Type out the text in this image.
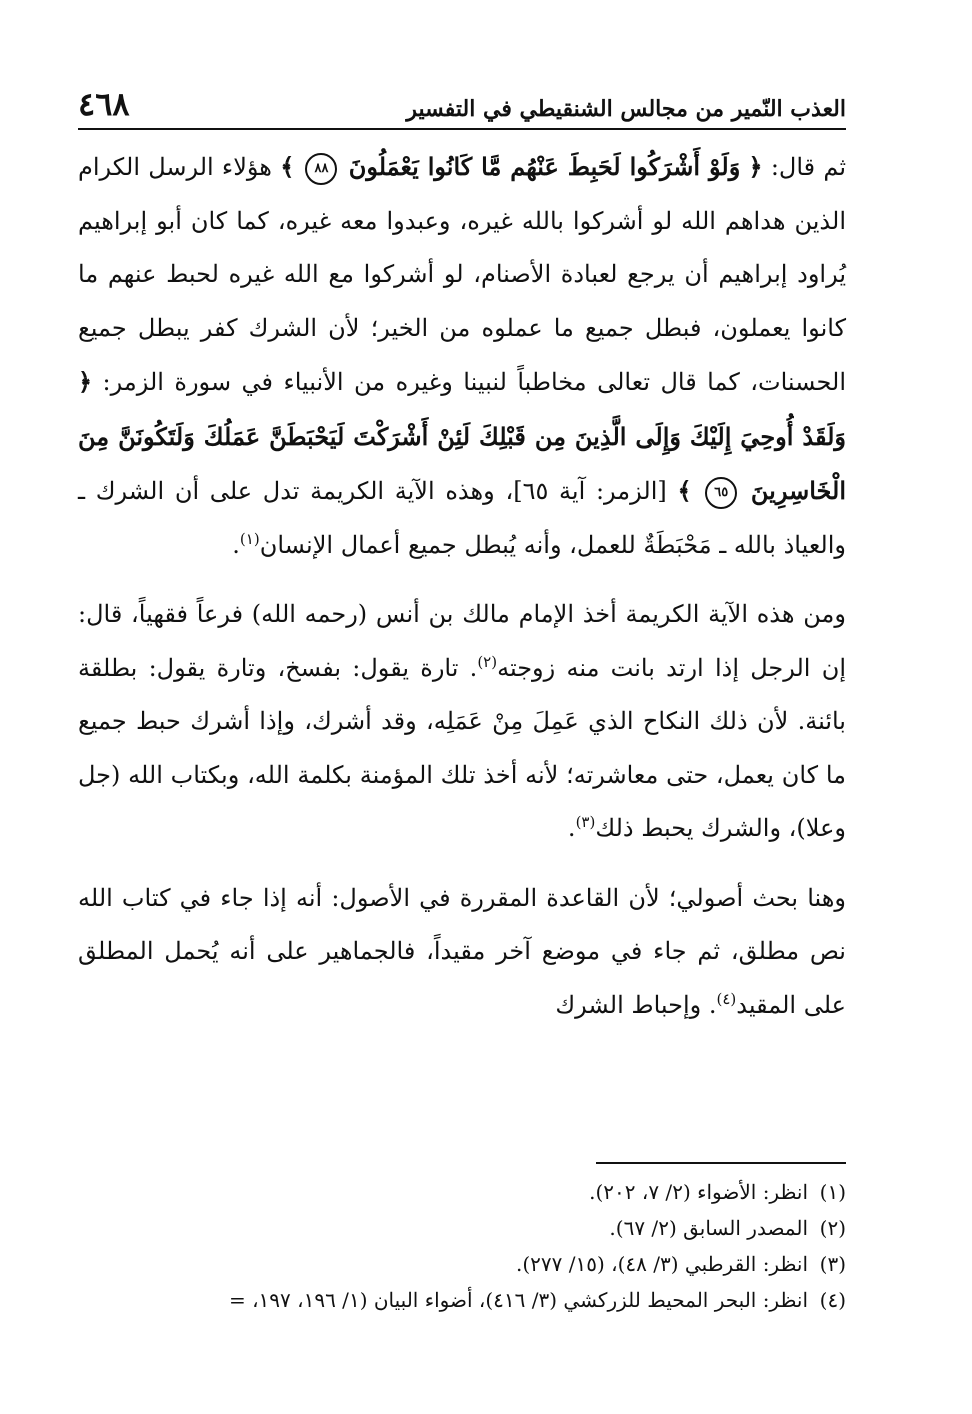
العذب النّمير من مجالس الشنقيطي في التفسير
٤٦٨

ثم قال: ﴿ وَلَوْ أَشْرَكُوا لَحَبِطَ عَنْهُم مَّا كَانُوا يَعْمَلُونَ ٨٨ ﴾ هؤلاء الرسل الكرام الذين هداهم الله لو أشركوا بالله غيره، وعبدوا معه غيره، كما كان أبو إبراهيم يُراود إبراهيم أن يرجع لعبادة الأصنام، لو أشركوا مع الله غيره لحبط عنهم ما كانوا يعملون، فبطل جميع ما عملوه من الخير؛ لأن الشرك كفر يبطل جميع الحسنات، كما قال تعالى مخاطباً لنبينا وغيره من الأنبياء في سورة الزمر: ﴿ وَلَقَدْ أُوحِيَ إِلَيْكَ وَإِلَى الَّذِينَ مِن قَبْلِكَ لَئِنْ أَشْرَكْتَ لَيَحْبَطَنَّ عَمَلُكَ وَلَتَكُونَنَّ مِنَ الْخَاسِرِينَ ٦٥ ﴾ [الزمر: آية ٦٥]، وهذه الآية الكريمة تدل على أن الشرك ـ والعياذ بالله ـ مَحْبَطَةٌ للعمل، وأنه يُبطل جميع أعمال الإنسان$^{(١)}$.

ومن هذه الآية الكريمة أخذ الإمام مالك بن أنس (رحمه الله) فرعاً فقهياً، قال: إن الرجل إذا ارتد بانت منه زوجته$^{(٢)}$. تارة يقول: بفسخ، وتارة يقول: بطلقة بائنة. لأن ذلك النكاح الذي عَمِلَ مِنْ عَمَلِه، وقد أشرك، وإذا أشرك حبط جميع ما كان يعمل، حتى معاشرته؛ لأنه أخذ تلك المؤمنة بكلمة الله، وبكتاب الله (جل وعلا)، والشرك يحبط ذلك$^{(٣)}$.

وهنا بحث أصولي؛ لأن القاعدة المقررة في الأصول: أنه إذا جاء في كتاب الله نص مطلق، ثم جاء في موضع آخر مقيداً، فالجماهير على أنه يُحمل المطلق على المقيد$^{(٤)}$. وإحباط الشرك

(١)
انظر: الأضواء (٢/ ٧، ٢٠٢).
(٢)
المصدر السابق (٢/ ٦٧).
(٣)
انظر: القرطبي (٣/ ٤٨)، (١٥/ ٢٧٧).
(٤)
انظر: البحر المحيط للزركشي (٣/ ٤١٦)، أضواء البيان (١/ ١٩٦، ١٩٧، =
